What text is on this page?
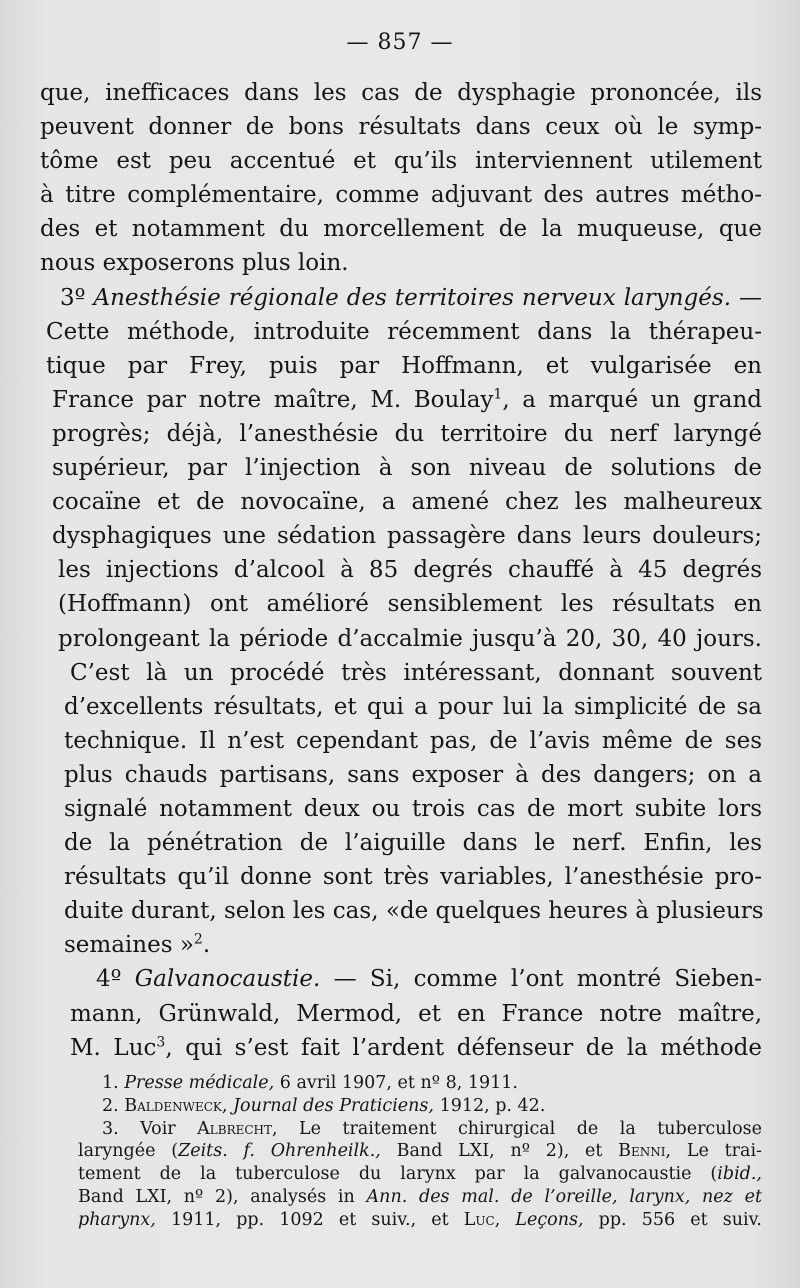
— 857 —
que, inefficaces dans les cas de dysphagie prononcée, ils
peuvent donner de bons résultats dans ceux où le symp-
tôme est peu accentué et qu’ils interviennent utilement
à titre complémentaire, comme adjuvant des autres métho-
des et notamment du morcellement de la muqueuse, que
nous exposerons plus loin.
3º Anesthésie régionale des territoires nerveux laryngés. —
Cette méthode, introduite récemment dans la thérapeu-
tique par Frey, puis par Hoffmann, et vulgarisée en
France par notre maître, M. Boulay$^1$, a marqué un grand
progrès; déjà, l’anesthésie du territoire du nerf laryngé
supérieur, par l’injection à son niveau de solutions de
cocaïne et de novocaïne, a amené chez les malheureux
dysphagiques une sédation passagère dans leurs douleurs;
les injections d’alcool à 85 degrés chauffé à 45 degrés
(Hoffmann) ont amélioré sensiblement les résultats en
prolongeant la période d’accalmie jusqu’à 20, 30, 40 jours.
C’est là un procédé très intéressant, donnant souvent
d’excellents résultats, et qui a pour lui la simplicité de sa
technique. Il n’est cependant pas, de l’avis même de ses
plus chauds partisans, sans exposer à des dangers; on a
signalé notamment deux ou trois cas de mort subite lors
de la pénétration de l’aiguille dans le nerf. Enfin, les
résultats qu’il donne sont très variables, l’anesthésie pro-
duite durant, selon les cas, «de quelques heures à plusieurs
semaines »$^2$.
4º Galvanocaustie. — Si, comme l’ont montré Sieben-
mann, Grünwald, Mermod, et en France notre maître,
M. Luc$^3$, qui s’est fait l’ardent défenseur de la méthode
1. Presse médicale, 6 avril 1907, et nº 8, 1911.
2. Baldenweck, Journal des Praticiens, 1912, p. 42.
3. Voir Albrecht, Le traitement chirurgical de la tuberculose
laryngée (Zeits. f. Ohrenheilk., Band LXI, nº 2), et Benni, Le trai-
tement de la tuberculose du larynx par la galvanocaustie (ibid.,
Band LXI, nº 2), analysés in Ann. des mal. de l’oreille, larynx, nez et
pharynx, 1911, pp. 1092 et suiv., et Luc, Leçons, pp. 556 et suiv.
